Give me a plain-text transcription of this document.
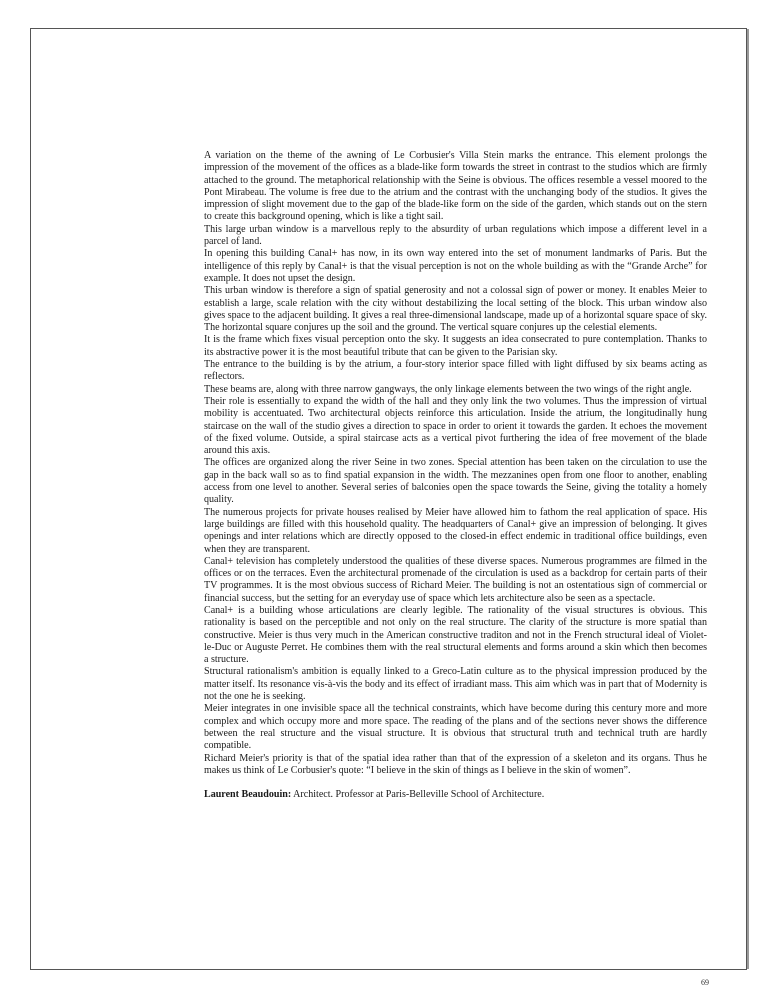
A variation on the theme of the awning of Le Corbusier's Villa Stein marks the entrance. This element prolongs the impression of the movement of the offices as a blade-like form towards the street in contrast to the studios which are firmly attached to the ground. The metaphorical relationship with the Seine is obvious. The offices resemble a vessel moored to the Pont Mirabeau. The volume is free due to the atrium and the contrast with the unchanging body of the studios. It gives the impression of slight movement due to the gap of the blade-like form on the side of the garden, which stands out on the stern to create this background opening, which is like a tight sail.

This large urban window is a marvellous reply to the absurdity of urban regulations which impose a different level in a parcel of land.

In opening this building Canal+ has now, in its own way entered into the set of monument landmarks of Paris. But the intelligence of this reply by Canal+ is that the visual perception is not on the whole building as with the “Grande Arche” for example. It does not upset the design.

This urban window is therefore a sign of spatial generosity and not a colossal sign of power or money. It enables Meier to establish a large, scale relation with the city without destabilizing the local setting of the block. This urban window also gives space to the adjacent building. It gives a real three-dimensional landscape, made up of a horizontal square space of sky. The horizontal square conjures up the soil and the ground. The vertical square conjures up the celestial elements.

It is the frame which fixes visual perception onto the sky. It suggests an idea consecrated to pure contemplation. Thanks to its abstractive power it is the most beautiful tribute that can be given to the Parisian sky.

The entrance to the building is by the atrium, a four-story interior space filled with light diffused by six beams acting as reflectors.

These beams are, along with three narrow gangways, the only linkage elements between the two wings of the right angle.

Their role is essentially to expand the width of the hall and they only link the two volumes. Thus the impression of virtual mobility is accentuated. Two architectural objects reinforce this articulation. Inside the atrium, the longitudinally hung staircase on the wall of the studio gives a direction to space in order to orient it towards the garden. It echoes the movement of the fixed volume. Outside, a spiral staircase acts as a vertical pivot furthering the idea of free movement of the blade around this axis.

The offices are organized along the river Seine in two zones. Special attention has been taken on the circulation to use the gap in the back wall so as to find spatial expansion in the width. The mezzanines open from one floor to another, enabling access from one level to another. Several series of balconies open the space towards the Seine, giving the totality a homely quality.

The numerous projects for private houses realised by Meier have allowed him to fathom the real application of space. His large buildings are filled with this household quality. The headquarters of Canal+ give an impression of belonging. It gives openings and inter relations which are directly opposed to the closed-in effect endemic in traditional office buildings, even when they are transparent.

Canal+ television has completely understood the qualities of these diverse spaces. Numerous programmes are filmed in the offices or on the terraces. Even the architectural promenade of the circulation is used as a backdrop for certain parts of their TV programmes. It is the most obvious success of Richard Meier. The building is not an ostentatious sign of commercial or financial success, but the setting for an everyday use of space which lets architecture also be seen as a spectacle.

Canal+ is a building whose articulations are clearly legible. The rationality of the visual structures is obvious. This rationality is based on the perceptible and not only on the real structure. The clarity of the structure is more spatial than constructive. Meier is thus very much in the American constructive traditon and not in the French structural ideal of Violet-le-Duc or Auguste Perret. He combines them with the real structural elements and forms around a skin which then becomes a structure.

Structural rationalism's ambition is equally linked to a Greco-Latin culture as to the physical impression produced by the matter itself. Its resonance vis-à-vis the body and its effect of irradiant mass. This aim which was in part that of Modernity is not the one he is seeking.

Meier integrates in one invisible space all the technical constraints, which have become during this century more and more complex and which occupy more and more space. The reading of the plans and of the sections never shows the difference between the real structure and the visual structure. It is obvious that structural truth and technical truth are hardly compatible.

Richard Meier's priority is that of the spatial idea rather than that of the expression of a skeleton and its organs. Thus he makes us think of Le Corbusier's quote: “I believe in the skin of things as I believe in the skin of women”.

Laurent Beaudouin: Architect. Professor at Paris-Belleville School of Architecture.

69
